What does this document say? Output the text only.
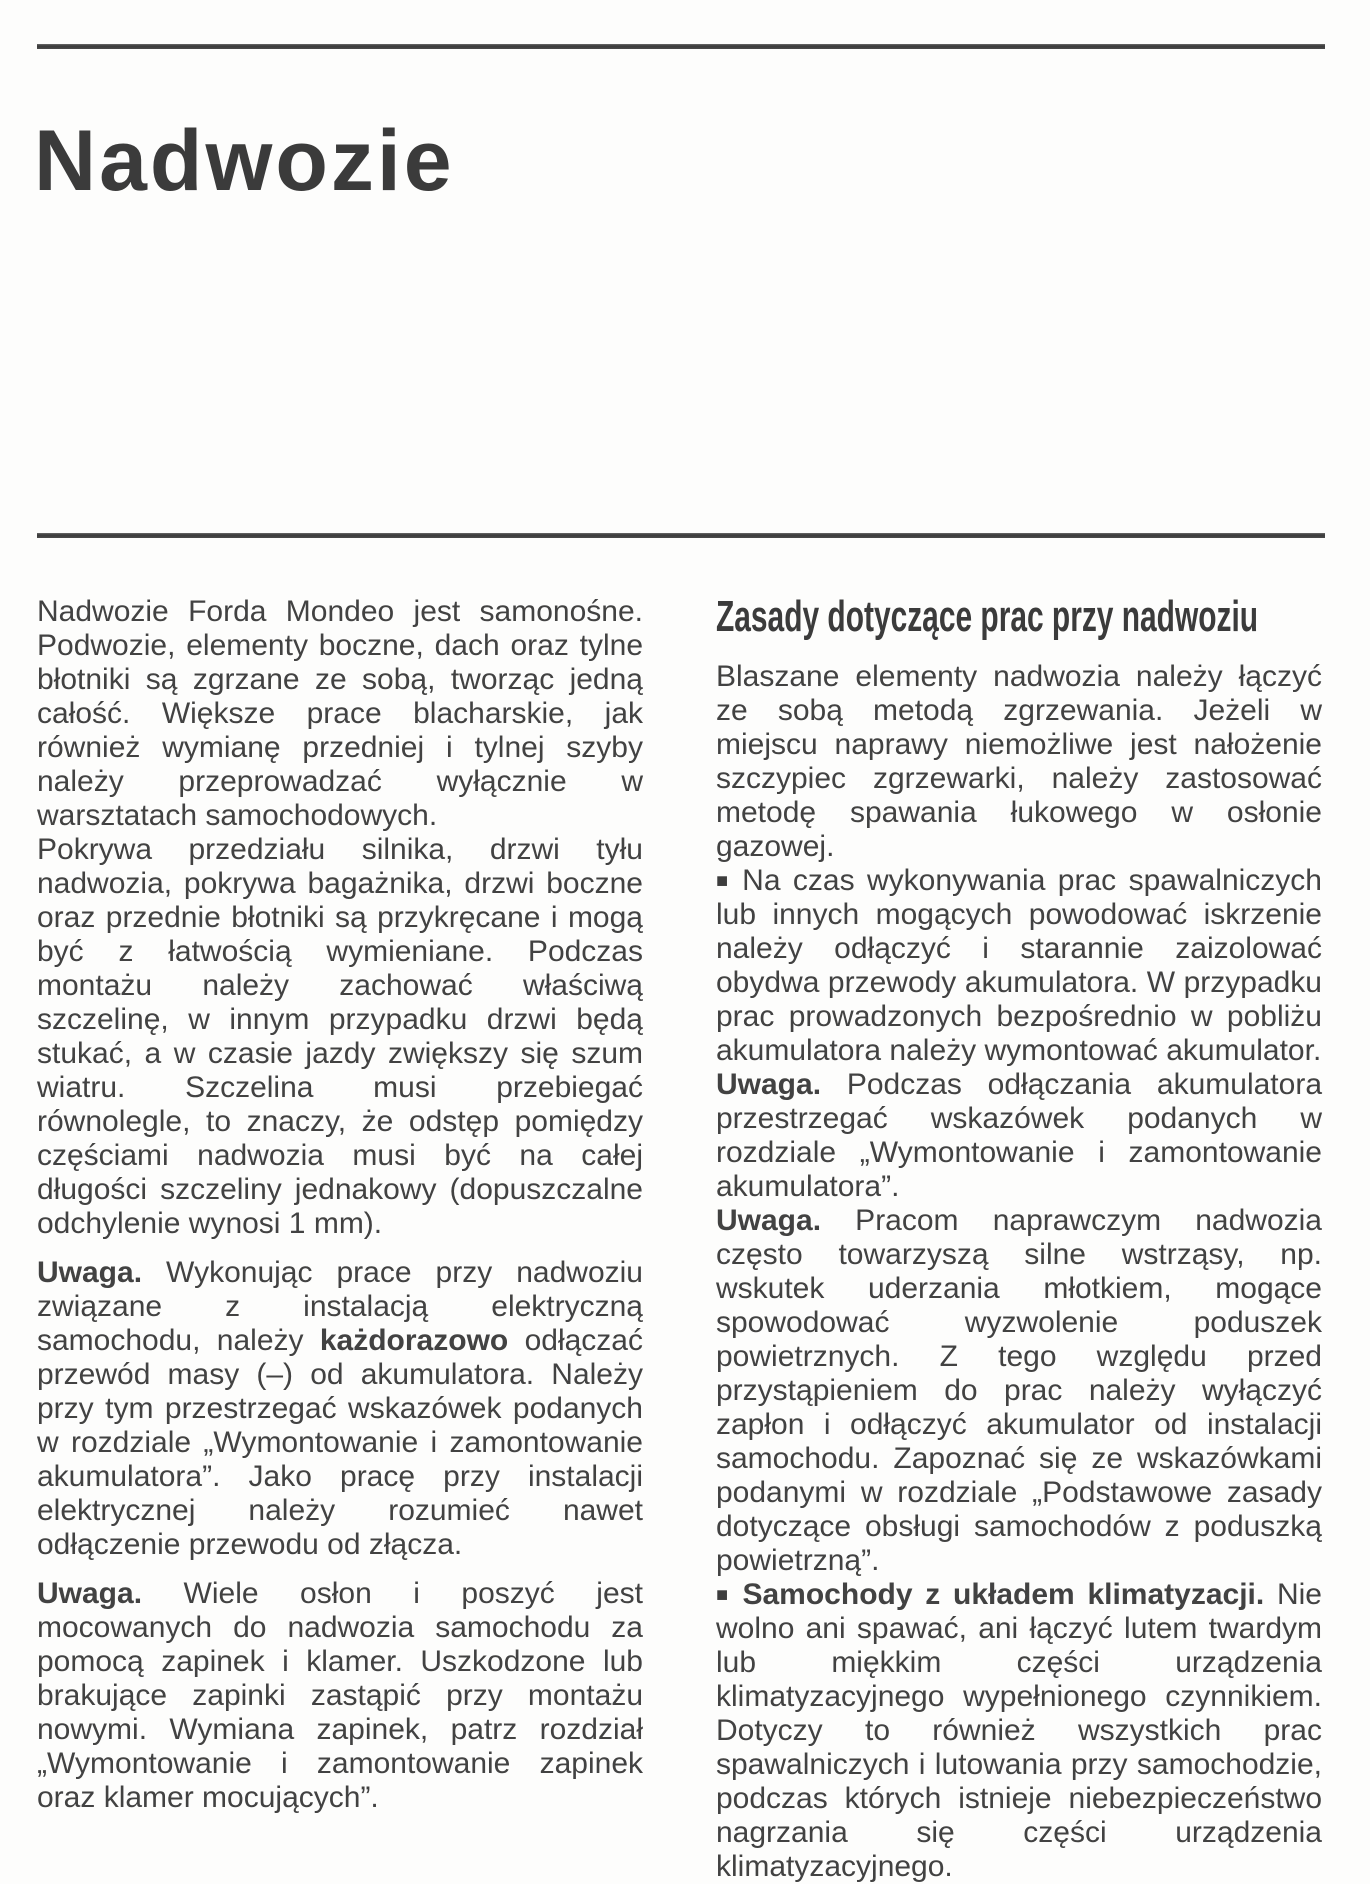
Nadwozie

Nadwozie Forda Mondeo jest samonośne. Podwozie, elementy boczne, dach oraz tylne błotniki są zgrzane ze sobą, tworząc jedną całość. Większe prace blacharskie, jak również wymianę przedniej i tylnej szyby należy przeprowadzać wyłącznie w warsztatach samochodowych.

Pokrywa przedziału silnika, drzwi tyłu nadwozia, pokrywa bagażnika, drzwi boczne oraz przednie błotniki są przykręcane i mogą być z łatwością wymieniane. Podczas montażu należy zachować właściwą szczelinę, w innym przypadku drzwi będą stukać, a w czasie jazdy zwiększy się szum wiatru. Szczelina musi przebiegać równolegle, to znaczy, że odstęp pomiędzy częściami nadwozia musi być na całej długości szczeliny jednakowy (dopuszczalne odchylenie wynosi 1 mm).

Uwaga. Wykonując prace przy nadwoziu związane z instalacją elektryczną samochodu, należy każdorazowo odłączać przewód masy (–) od akumulatora. Należy przy tym przestrzegać wskazówek podanych w rozdziale „Wymontowanie i zamontowanie akumulatora”. Jako pracę przy instalacji elektrycznej należy rozumieć nawet odłączenie przewodu od złącza.

Uwaga. Wiele osłon i poszyć jest mocowanych do nadwozia samochodu za pomocą zapinek i klamer. Uszkodzone lub brakujące zapinki zastąpić przy montażu nowymi. Wymiana zapinek, patrz rozdział „Wymontowanie i zamontowanie zapinek oraz klamer mocujących”.

Zasady dotyczące prac przy nadwoziu

Blaszane elementy nadwozia należy łączyć ze sobą metodą zgrzewania. Jeżeli w miejscu naprawy niemożliwe jest nałożenie szczypiec zgrzewarki, należy zastosować metodę spawania łukowego w osłonie gazowej.

■ Na czas wykonywania prac spawalniczych lub innych mogących powodować iskrzenie należy odłączyć i starannie zaizolować obydwa przewody akumulatora. W przypadku prac prowadzonych bezpośrednio w pobliżu akumulatora należy wymontować akumulator.

Uwaga. Podczas odłączania akumulatora przestrzegać wskazówek podanych w rozdziale „Wymontowanie i zamontowanie akumulatora”.

Uwaga. Pracom naprawczym nadwozia często towarzyszą silne wstrząsy, np. wskutek uderzania młotkiem, mogące spowodować wyzwolenie poduszek powietrznych. Z tego względu przed przystąpieniem do prac należy wyłączyć zapłon i odłączyć akumulator od instalacji samochodu. Zapoznać się ze wskazówkami podanymi w rozdziale „Podstawowe zasady dotyczące obsługi samochodów z poduszką powietrzną”.

■ Samochody z układem klimatyzacji. Nie wolno ani spawać, ani łączyć lutem twardym lub miękkim części urządzenia klimatyzacyjnego wypełnionego czynnikiem. Dotyczy to również wszystkich prac spawalniczych i lutowania przy samochodzie, podczas których istnieje niebezpieczeństwo nagrzania się części urządzenia klimatyzacyjnego.
